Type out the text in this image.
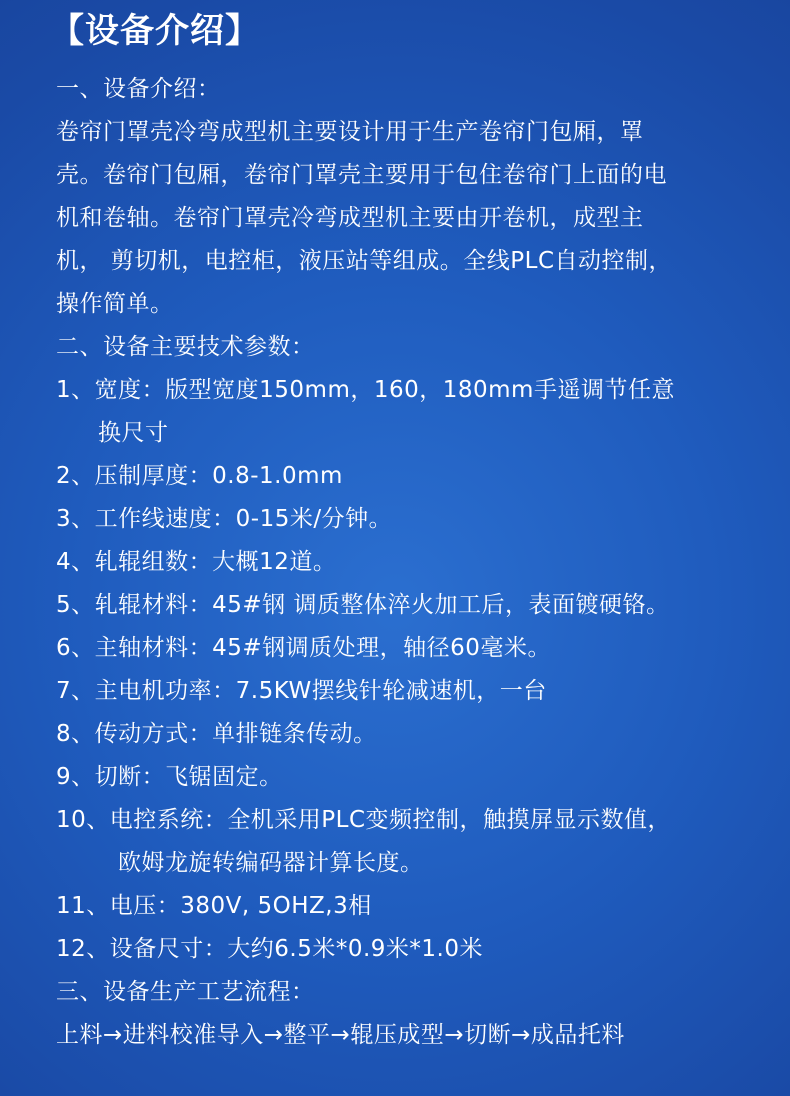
【设备介绍】
一、设备介绍：
卷帘门罩壳冷弯成型机主要设计用于生产卷帘门包厢，罩
壳。卷帘门包厢，卷帘门罩壳主要用于包住卷帘门上面的电
机和卷轴。卷帘门罩壳冷弯成型机主要由开卷机，成型主
机， 剪切机，电控柜，液压站等组成。全线PLC自动控制，
操作简单。
二、设备主要技术参数：
1、宽度：版型宽度150mm，160，180mm手遥调节任意
换尺寸
2、压制厚度：0.8-1.0mm
3、工作线速度：0-15米/分钟。
4、轧辊组数：大概12道。
5、轧辊材料：45#钢 调质整体淬火加工后，表面镀硬铬。
6、主轴材料：45#钢调质处理，轴径60毫米。
7、主电机功率：7.5KW摆线针轮减速机，一台
8、传动方式：单排链条传动。
9、切断：飞锯固定。
10、电控系统：全机采用PLC变频控制，触摸屏显示数值，
欧姆龙旋转编码器计算长度。
11、电压：380V, 5OHZ,3相
12、设备尺寸：大约6.5米*0.9米*1.0米
三、设备生产工艺流程：
上料→进料校准导入→整平→辊压成型→切断→成品托料
